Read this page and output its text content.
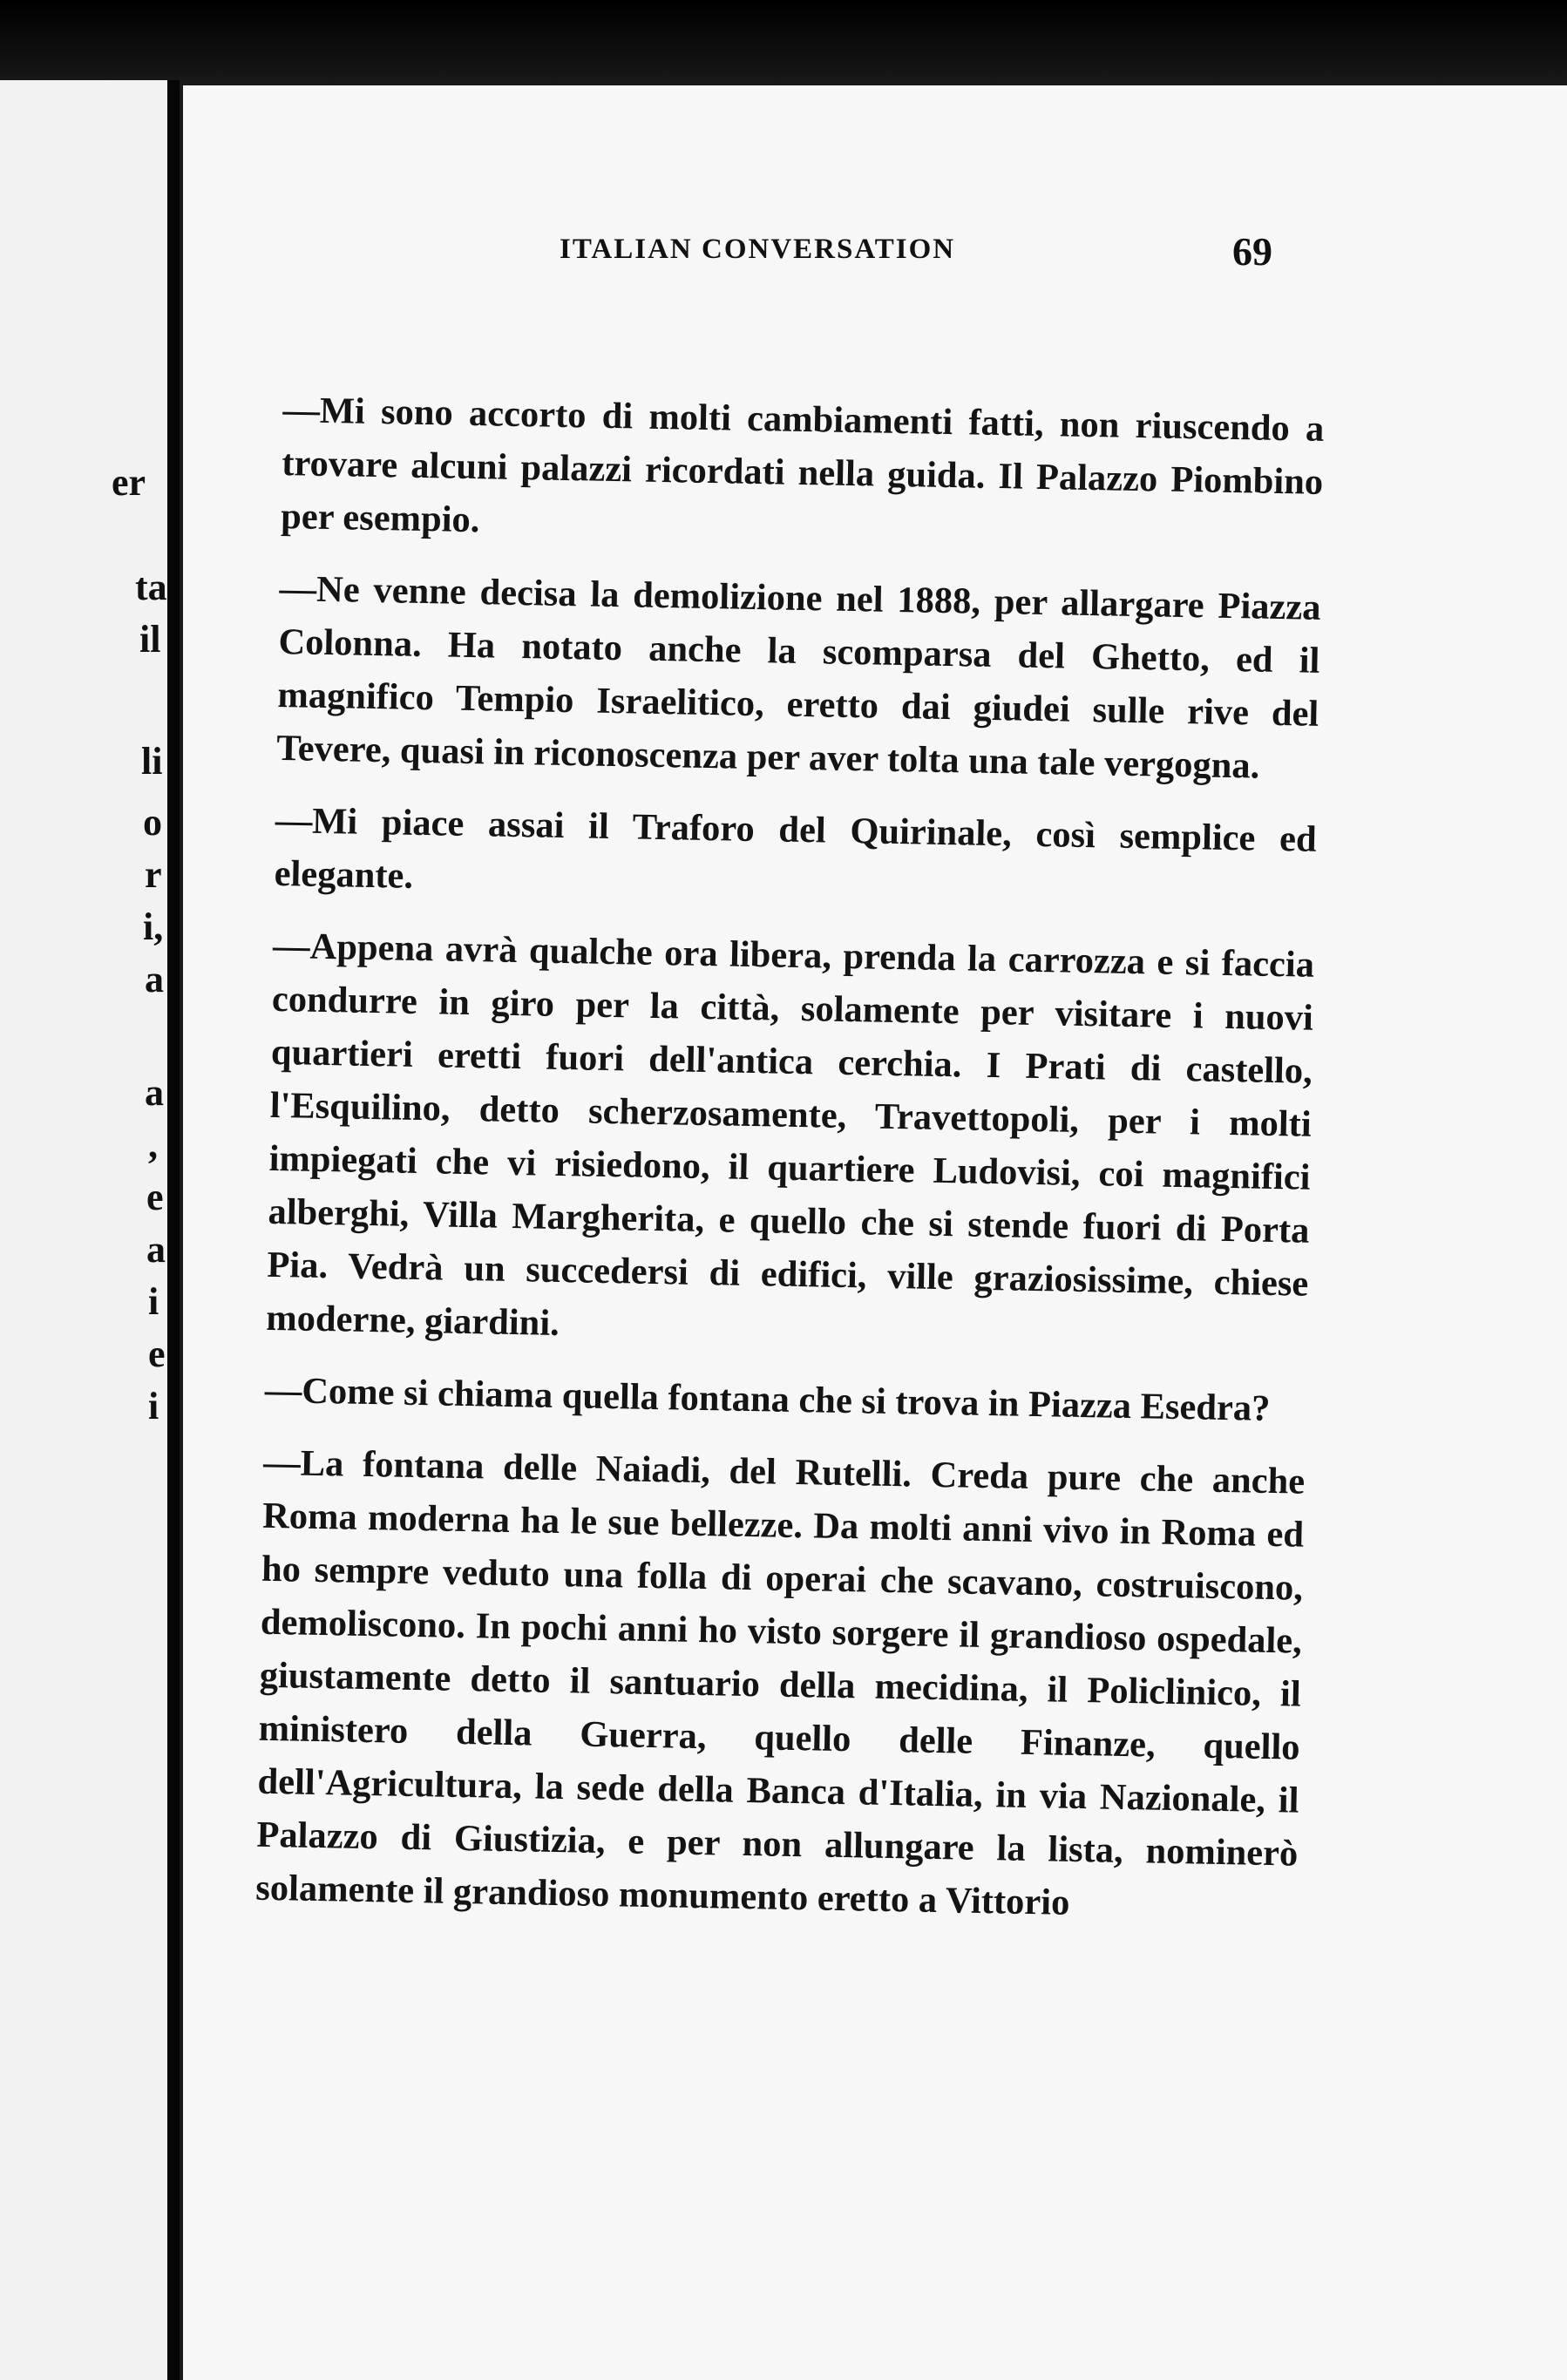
er
ta
il
li
o
r
i,
a
a
,
e
a
i
e
i
ITALIAN CONVERSATION	69

—Mi sono accorto di molti cambiamenti fatti, non riuscendo a trovare alcuni palazzi ricordati nella guida. Il Palazzo Piombino per esempio.

—Ne venne decisa la demolizione nel 1888, per allargare Piazza Colonna. Ha notato anche la scomparsa del Ghetto, ed il magnifico Tempio Israelitico, eretto dai giudei sulle rive del Tevere, quasi in riconoscenza per aver tolta una tale vergogna.

—Mi piace assai il Traforo del Quirinale, così semplice ed elegante.

—Appena avrà qualche ora libera, prenda la carrozza e si faccia condurre in giro per la città, solamente per visitare i nuovi quartieri eretti fuori dell'antica cerchia. I Prati di castello, l'Esquilino, detto scherzosamente, Travettopoli, per i molti impiegati che vi risiedono, il quartiere Ludovisi, coi magnifici alberghi, Villa Margherita, e quello che si stende fuori di Porta Pia. Vedrà un succedersi di edifici, ville graziosissime, chiese moderne, giardini.

—Come si chiama quella fontana che si trova in Piazza Esedra?

—La fontana delle Naiadi, del Rutelli. Creda pure che anche Roma moderna ha le sue bellezze. Da molti anni vivo in Roma ed ho sempre veduto una folla di operai che scavano, costruiscono, demoliscono. In pochi anni ho visto sorgere il grandioso ospedale, giustamente detto il santuario della mecidina, il Policlinico, il ministero della Guerra, quello delle Finanze, quello dell'Agricultura, la sede della Banca d'Italia, in via Nazionale, il Palazzo di Giustizia, e per non allungare la lista, nominerò solamente il grandioso monumento eretto a Vittorio
